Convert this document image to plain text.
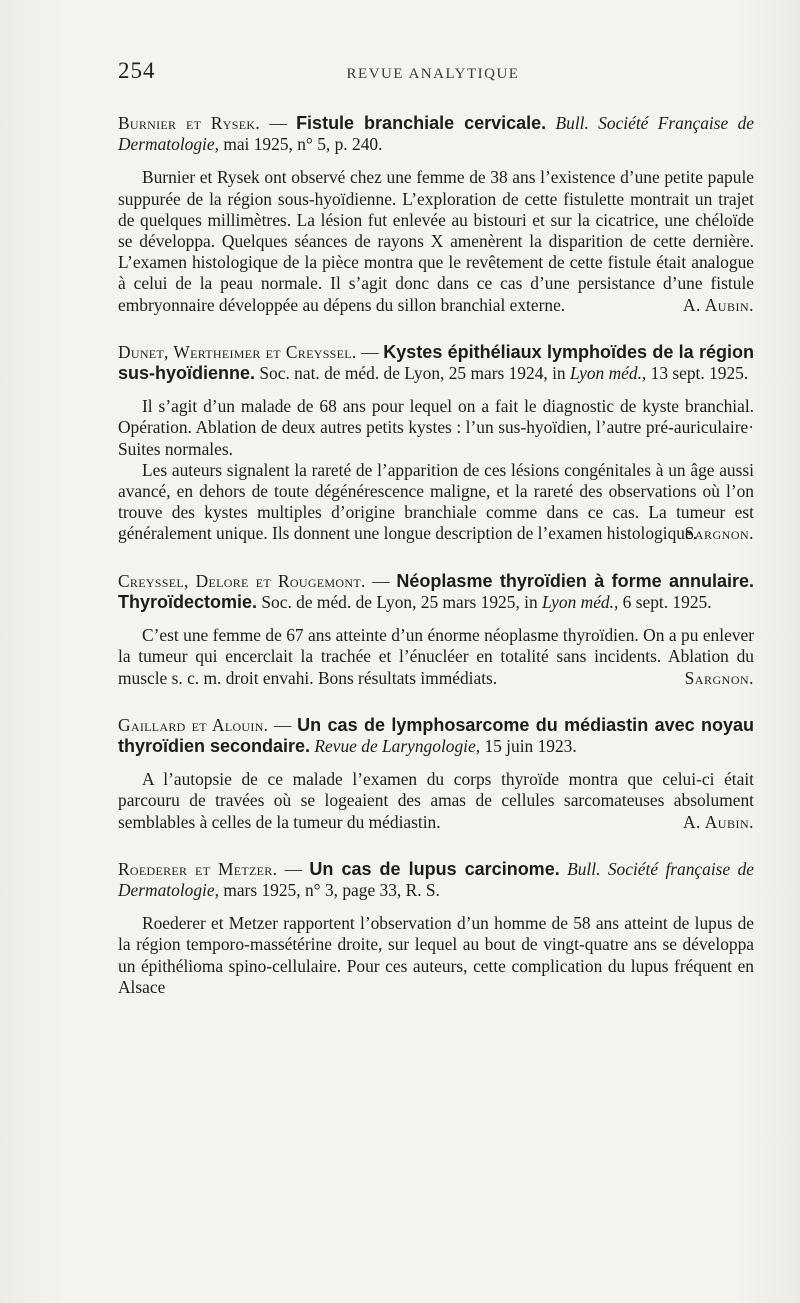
254	REVUE ANALYTIQUE

Burnier et Rysek. — Fistule branchiale cervicale. Bull. Société Française de Dermatologie, mai 1925, n° 5, p. 240.

Burnier et Rysek ont observé chez une femme de 38 ans l’existence d’une petite papule suppurée de la région sous-hyoïdienne. L’exploration de cette fistulette montrait un trajet de quelques millimètres. La lésion fut enlevée au bistouri et sur la cicatrice, une chéloïde se développa. Quelques séances de rayons X amenèrent la disparition de cette dernière. L’examen histologique de la pièce montra que le revêtement de cette fistule était analogue à celui de la peau normale. Il s’agit donc dans ce cas d’une persistance d’une fistule embryonnaire développée au dépens du sillon branchial externe.	A. Aubin.

Dunet, Wertheimer et Creyssel. — Kystes épithéliaux lymphoïdes de la région sus-hyoïdienne. Soc. nat. de méd. de Lyon, 25 mars 1924, in Lyon méd., 13 sept. 1925.

Il s’agit d’un malade de 68 ans pour lequel on a fait le diagnostic de kyste branchial. Opération. Ablation de deux autres petits kystes : l’un sus-hyoïdien, l’autre pré-auriculaire· Suites normales.

Les auteurs signalent la rareté de l’apparition de ces lésions congénitales à un âge aussi avancé, en dehors de toute dégénérescence maligne, et la rareté des observations où l’on trouve des kystes multiples d’origine branchiale comme dans ce cas. La tumeur est généralement unique. Ils donnent une longue description de l’examen histologique.

Sargnon.

Creyssel, Delore et Rougemont. — Néoplasme thyroïdien à forme annulaire. Thyroïdectomie. Soc. de méd. de Lyon, 25 mars 1925, in Lyon méd., 6 sept. 1925.

C’est une femme de 67 ans atteinte d’un énorme néoplasme thyroïdien. On a pu enlever la tumeur qui encerclait la trachée et l’énucléer en totalité sans incidents. Ablation du muscle s. c. m. droit envahi. Bons résultats immédiats.	Sargnon.

Gaillard et Alouin. — Un cas de lymphosarcome du médiastin avec noyau thyroïdien secondaire. Revue de Laryngologie, 15 juin 1923.

A l’autopsie de ce malade l’examen du corps thyroïde montra que celui-ci était parcouru de travées où se logeaient des amas de cellules sarcomateuses absolument semblables à celles de la tumeur du médiastin.	A. Aubin.

Roederer et Metzer. — Un cas de lupus carcinome. Bull. Société française de Dermatologie, mars 1925, n° 3, page 33, R. S.

Roederer et Metzer rapportent l’observation d’un homme de 58 ans atteint de lupus de la région temporo-massétérine droite, sur lequel au bout de vingt-quatre ans se développa un épithélioma spino-cellulaire. Pour ces auteurs, cette complication du lupus fréquent en Alsace
